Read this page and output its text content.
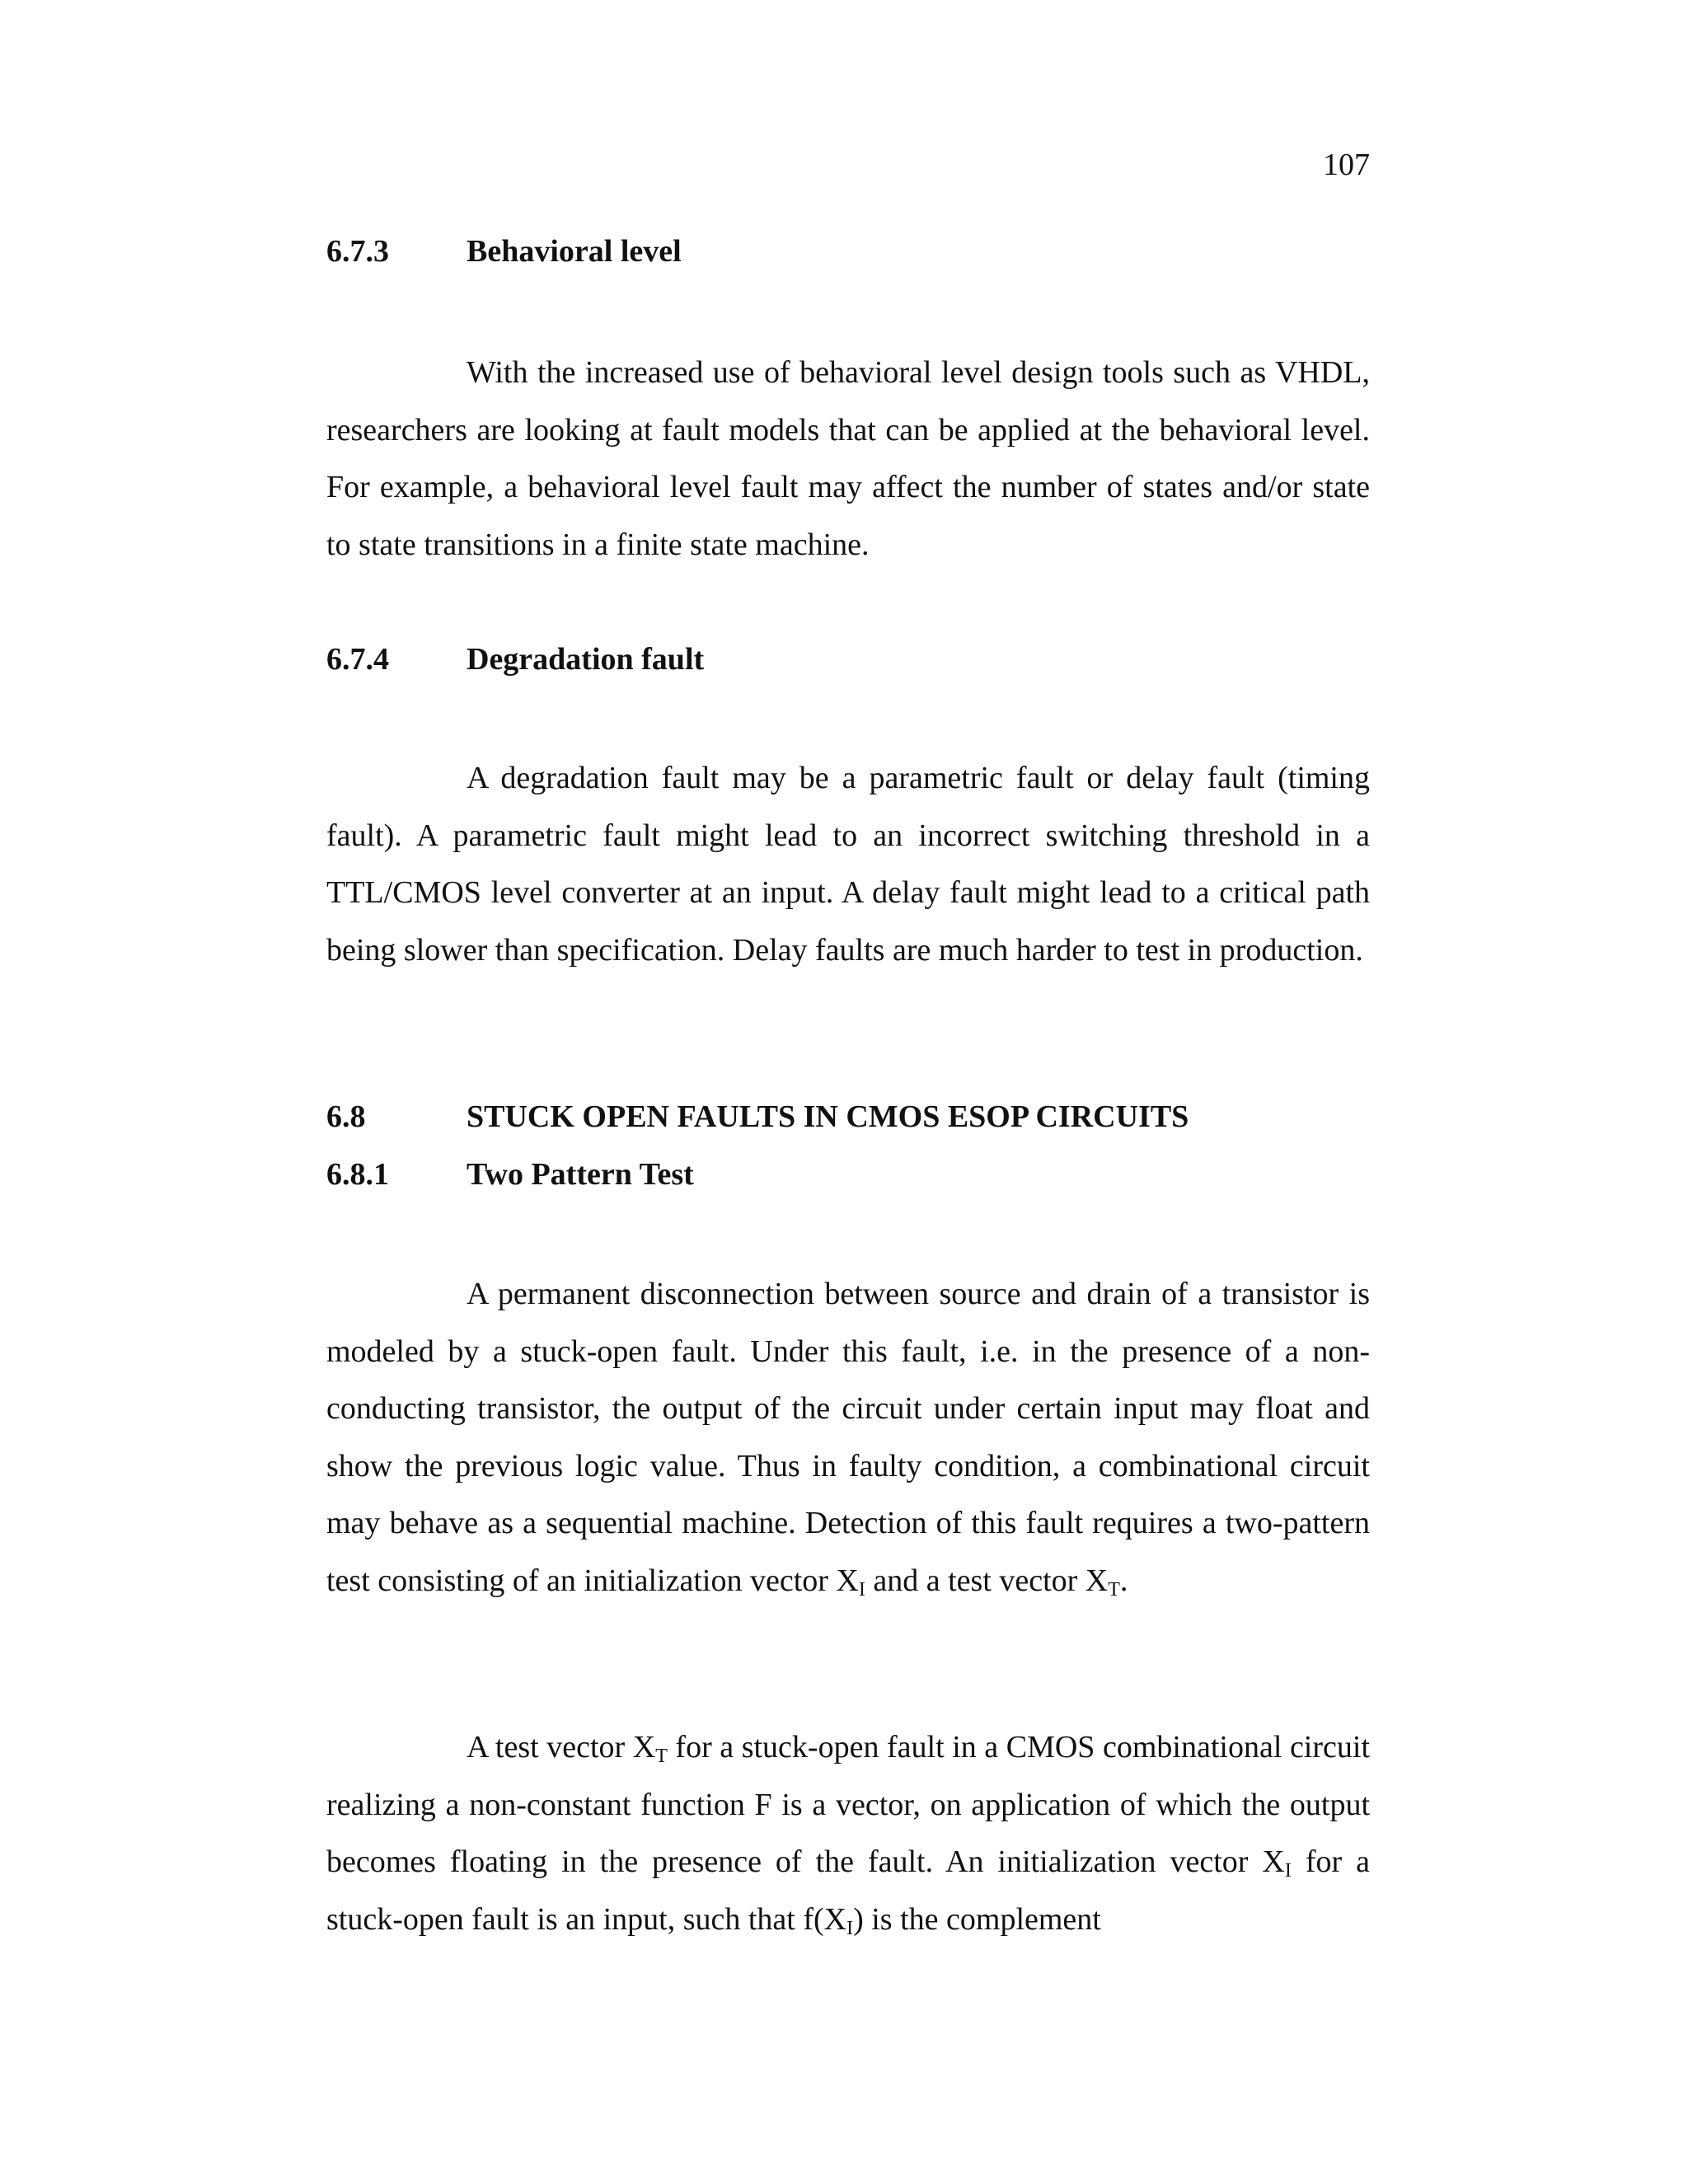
107
6.7.3	Behavioral level

With the increased use of behavioral level design tools such as VHDL, researchers are looking at fault models that can be applied at the behavioral level. For example, a behavioral level fault may affect the number of states and/or state to state transitions in a finite state machine.

6.7.4	Degradation fault

A degradation fault may be a parametric fault or delay fault (timing fault). A parametric fault might lead to an incorrect switching threshold in a TTL/CMOS level converter at an input. A delay fault might lead to a critical path being slower than specification. Delay faults are much harder to test in production.

6.8	STUCK OPEN FAULTS IN CMOS ESOP CIRCUITS
6.8.1	Two Pattern Test

A permanent disconnection between source and drain of a transistor is modeled by a stuck-open fault. Under this fault, i.e. in the presence of a non-conducting transistor, the output of the circuit under certain input may float and show the previous logic value. Thus in faulty condition, a combinational circuit may behave as a sequential machine. Detection of this fault requires a two-pattern test consisting of an initialization vector $X_I$ and a test vector $X_T$.

A test vector $X_T$ for a stuck-open fault in a CMOS combinational circuit realizing a non-constant function F is a vector, on application of which the output becomes floating in the presence of the fault. An initialization vector $X_I$ for a stuck-open fault is an input, such that $f(X_I)$ is the complement
